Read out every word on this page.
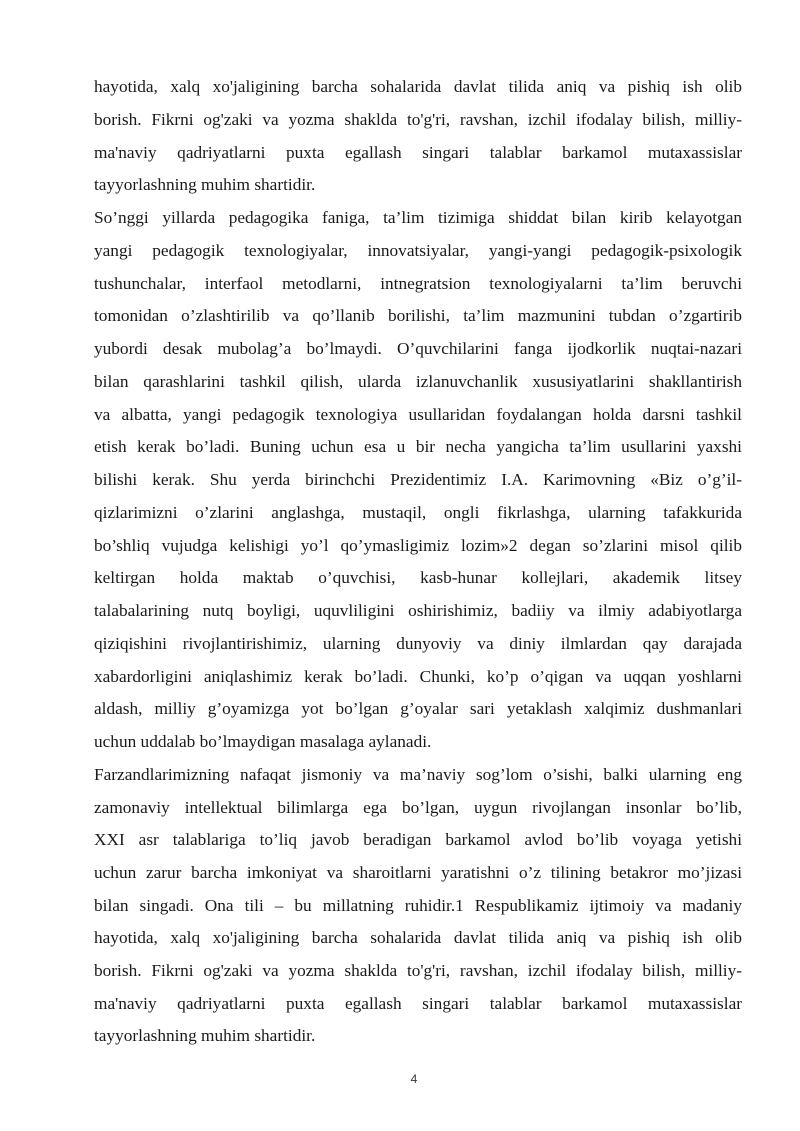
hayotida, xalq xo'jaligining barcha sohalarida davlat tilida aniq va pishiq ish olib

borish. Fikrni og'zaki va yozma shaklda to'g'ri, ravshan, izchil ifodalay bilish, milliy-

ma'naviy qadriyatlarni puxta egallash singari talablar barkamol mutaxassislar

tayyorlashning muhim shartidir.

So’nggi yillarda pedagogika faniga, ta’lim tizimiga shiddat bilan kirib kelayotgan

yangi pedagogik texnologiyalar, innovatsiyalar, yangi-yangi pedagogik-psixologik

tushunchalar, interfaol metodlarni, intnegratsion texnologiyalarni ta’lim beruvchi

tomonidan o’zlashtirilib va qo’llanib borilishi, ta’lim mazmunini tubdan o’zgartirib

yubordi desak mubolag’a bo’lmaydi. O’quvchilarini fanga ijodkorlik nuqtai-nazari

bilan qarashlarini tashkil qilish, ularda izlanuvchanlik xususiyatlarini shakllantirish

va albatta, yangi pedagogik texnologiya usullaridan foydalangan holda darsni tashkil

etish kerak bo’ladi. Buning uchun esa u bir necha yangicha ta’lim usullarini yaxshi

bilishi kerak. Shu yerda birinchchi Prezidentimiz I.A. Karimovning «Biz o’g’il-

qizlarimizni o’zlarini anglashga, mustaqil, ongli fikrlashga, ularning tafakkurida

bo’shliq vujudga kelishigi yo’l qo’ymasligimiz lozim»2 degan so’zlarini misol qilib

keltirgan holda maktab o’quvchisi, kasb-hunar kollejlari, akademik litsey

talabalarining nutq boyligi, uquvliligini oshirishimiz, badiiy va ilmiy adabiyotlarga

qiziqishini rivojlantirishimiz, ularning dunyoviy va diniy ilmlardan qay darajada

xabardorligini aniqlashimiz kerak bo’ladi. Chunki, ko’p o’qigan va uqqan yoshlarni

aldash, milliy g’oyamizga yot bo’lgan g’oyalar sari yetaklash xalqimiz dushmanlari

uchun uddalab bo’lmaydigan masalaga aylanadi.

Farzandlarimizning nafaqat jismoniy va ma’naviy sog’lom o’sishi, balki ularning eng

zamonaviy intellektual bilimlarga ega bo’lgan, uygun rivojlangan insonlar bo’lib,

XXI asr talablariga to’liq javob beradigan barkamol avlod bo’lib voyaga yetishi

uchun zarur barcha imkoniyat va sharoitlarni yaratishni o’z tilining betakror mo’jizasi

bilan singadi. Ona tili – bu millatning ruhidir.1 Respublikamiz ijtimoiy va madaniy

hayotida, xalq xo'jaligining barcha sohalarida davlat tilida aniq va pishiq ish olib

borish. Fikrni og'zaki va yozma shaklda to'g'ri, ravshan, izchil ifodalay bilish, milliy-

ma'naviy qadriyatlarni puxta egallash singari talablar barkamol mutaxassislar

tayyorlashning muhim shartidir.

4
